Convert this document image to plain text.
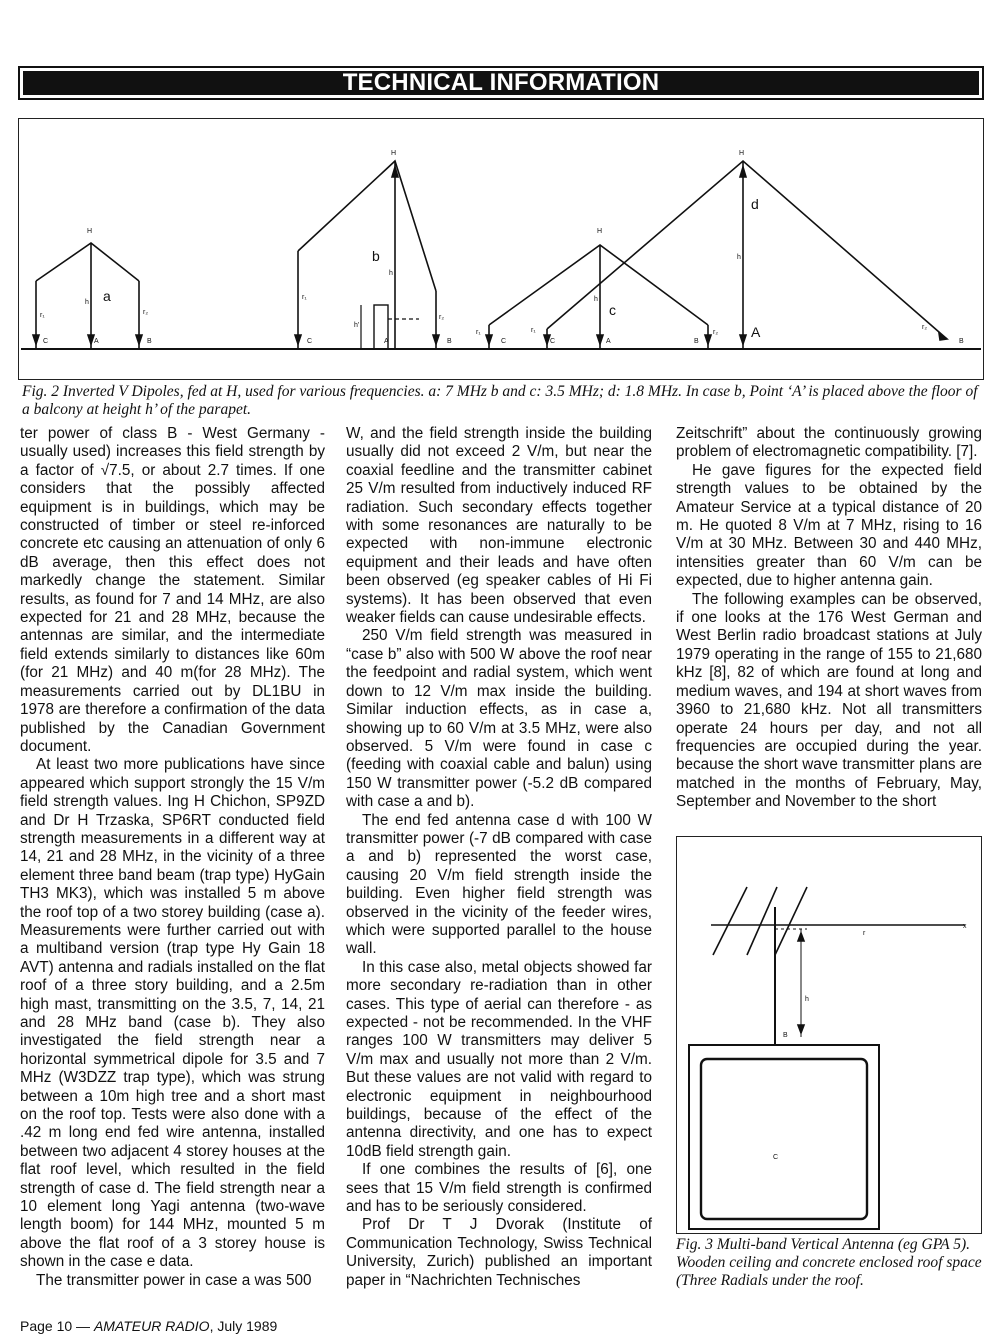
TECHNICAL INFORMATION
H
C	A	B
r₁	r₂
h a
H
C	A	B
r₁
r₂
h
h'
b
H
C	A	B
r₁	r₂
h
c
H
C	B
r₁	r₂
h
d
A
Fig. 2 Inverted V Dipoles, fed at H, used for various frequencies. a: 7 MHz b and c: 3.5 MHz; d: 1.8 MHz. In case b, Point ‘A’ is placed above the floor of a balcony at height h’ of the parapet.

ter power of class B - West Germany - usually used) increases this field strength by a factor of √7.5, or about 2.7 times. If one considers that the possibly affected equipment is in buildings, which may be constructed of timber or steel re-inforced concrete etc causing an attenuation of only 6 dB average, then this effect does not markedly change the statement. Similar results, as found for 7 and 14 MHz, are also expected for 21 and 28 MHz, because the antennas are similar, and the intermediate field extends similarly to distances like 60m (for 21 MHz) and 40 m(for 28 MHz). The measurements carried out by DL1BU in 1978 are therefore a confirmation of the data published by the Canadian Government document.

At least two more publications have since appeared which support strongly the 15 V/m field strength values. Ing H Chichon, SP9ZD and Dr H Trzaska, SP6RT conducted field strength measurements in a different way at 14, 21 and 28 MHz, in the vicinity of a three element three band beam (trap type) HyGain TH3 MK3), which was installed 5 m above the roof top of a two storey building (case a). Measurements were further carried out with a multiband version (trap type Hy Gain 18 AVT) antenna and radials installed on the flat roof of a three story building, and a 2.5m high mast, transmitting on the 3.5, 7, 14, 21 and 28 MHz band (case b). They also investigated the field strength near a horizontal symmetrical dipole for 3.5 and 7 MHz (W3DZZ trap type), which was strung between a 10m high tree and a short mast on the roof top. Tests were also done with a .42 m long end fed wire antenna, installed between two adjacent 4 storey houses at the flat roof level, which resulted in the field strength of case d. The field strength near a 10 element long Yagi antenna (two-wave length boom) for 144 MHz, mounted 5 m above the flat roof of a 3 storey house is shown in the case e data.

The transmitter power in case a was 500

W, and the field strength inside the building usually did not exceed 2 V/m, but near the coaxial feedline and the transmitter cabinet 25 V/m resulted from inductively induced RF radiation. Such secondary effects together with some resonances are naturally to be expected with non-immune electronic equipment and their leads and have often been observed (eg speaker cables of Hi Fi systems). It has been observed that even weaker fields can cause undesirable effects.

250 V/m field strength was measured in “case b” also with 500 W above the roof near the feedpoint and radial system, which went down to 12 V/m max inside the building. Similar induction effects, as in case a, showing up to 60 V/m at 3.5 MHz, were also observed. 5 V/m were found in case c (feeding with coaxial cable and balun) using 150 W transmitter power (-5.2 dB compared with case a and b).

The end fed antenna case d with 100 W transmitter power (-7 dB compared with case a and b) represented the worst case, causing 20 V/m field strength inside the building. Even higher field strength was observed in the vicinity of the feeder wires, which were supported parallel to the house wall.

In this case also, metal objects showed far more secondary re-radiation than in other cases. This type of aerial can therefore - as expected - not be recommended. In the VHF ranges 100 W transmitters may deliver 5 V/m max and usually not more than 2 V/m. But these values are not valid with regard to electronic equipment in neighbourhood buildings, because of the effect of the antenna directivity, and one has to expect 10dB field strength gain.

If one combines the results of [6], one sees that 15 V/m field strength is confirmed and has to be seriously considered.

Prof Dr T J Dvorak (Institute of Communication Technology, Swiss Technical University, Zurich) published an important paper in “Nachrichten Technisches

Zeitschrift” about the continuously growing problem of electromagnetic compatibility. [7].

He gave figures for the expected field strength values to be obtained by the Amateur Service at a typical distance of 20 m. He quoted 8 V/m at 7 MHz, rising to 16 V/m at 30 MHz. Between 30 and 440 MHz, intensities greater than 60 V/m can be expected, due to higher antenna gain.

The following examples can be observed, if one looks at the 176 West German and West Berlin radio broadcast stations at July 1979 operating in the range of 155 to 21,680 kHz [8], 82 of which are found at long and medium waves, and 194 at short waves from 3960 to 21,680 kHz. Not all transmitters operate 24 hours per day, and not all frequencies are occupied during the year. because the short wave transmitter plans are matched in the months of February, May, September and November to the short

r
x
h
B
C
Fig. 3 Multi-band Vertical Antenna (eg GPA 5). Wooden ceiling and concrete enclosed roof space (Three Radials under the roof.
Page 10 — AMATEUR RADIO, July 1989
